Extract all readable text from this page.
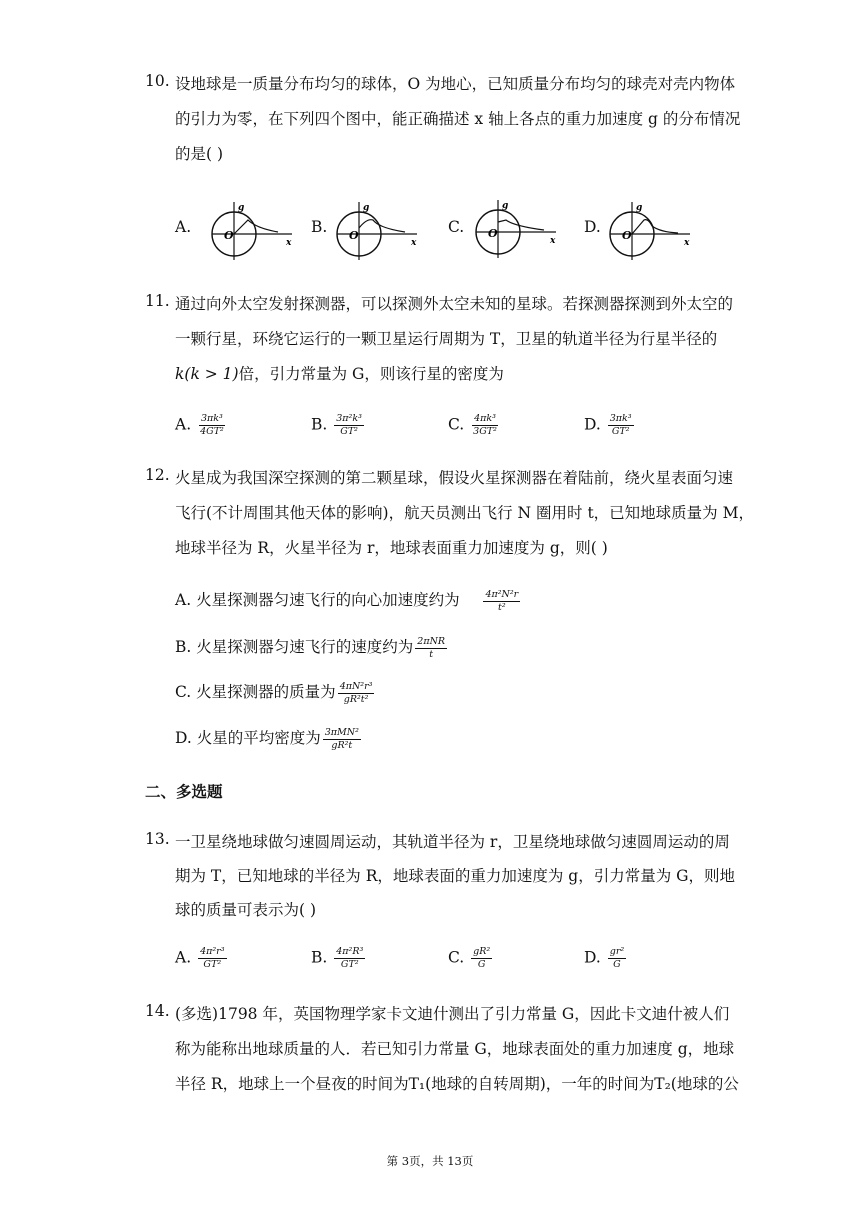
10. 设地球是一质量分布均匀的球体，O 为地心，已知质量分布均匀的球壳对壳内物体
的引力为零，在下列四个图中，能正确描述 x 轴上各点的重力加速度 g 的分布情况
的是( )
A.	O
g
x
B. O
g
x
C. O
g
x
D. O
g
x
11. 通过向外太空发射探测器，可以探测外太空未知的星球。若探测器探测到外太空的
一颗行星，环绕它运行的一颗卫星运行周期为 T，卫星的轨道半径为行星半径的
k(k > 1)倍，引力常量为 G，则该行星的密度为
A. $\frac{\text{3πk³}}{\text{4GT²}}$	B. $\frac{\text{3π²k³}}{\text{GT²}}$	C. $\frac{\text{4πk³}}{\text{3GT²}}$	D. $\frac{\text{3πk³}}{\text{GT²}}$
12. 火星成为我国深空探测的第二颗星球，假设火星探测器在着陆前，绕火星表面匀速
飞行(不计周围其他天体的影响)，航天员测出飞行 N 圈用时 t，已知地球质量为 M，
地球半径为 R，火星半径为 r，地球表面重力加速度为 g，则( )
A. 火星探测器匀速飞行的向心加速度约为	$\frac{\text{4π²N²r}}{\text{t²}}$
B. 火星探测器匀速飞行的速度约为 $\frac{\text{2πNR}}{t}$
C. 火星探测器的质量为 $\frac{\text{4πN²r³}}{\text{gR²t²}}$
D. 火星的平均密度为 $\frac{\text{3πMN²}}{\text{gR²t}}$
二、多选题
13. 一卫星绕地球做匀速圆周运动，其轨道半径为 r，卫星绕地球做匀速圆周运动的周
期为 T，已知地球的半径为 R，地球表面的重力加速度为 g，引力常量为 G，则地
球的质量可表示为( )
A. $\frac{\text{4π²r³}}{\text{GT²}}$	B. $\frac{\text{4π²R³}}{\text{GT²}}$	C. $\frac{\text{gR²}}{G}$	D. $\frac{\text{gr²}}{G}$
14. (多选)1798 年，英国物理学家卡文迪什测出了引力常量 G，因此卡文迪什被人们
称为能称出地球质量的人．若已知引力常量 G，地球表面处的重力加速度 g，地球
半径 R，地球上一个昼夜的时间为T₁(地球的自转周期)，一年的时间为T₂(地球的公
第 3页，共 13页
